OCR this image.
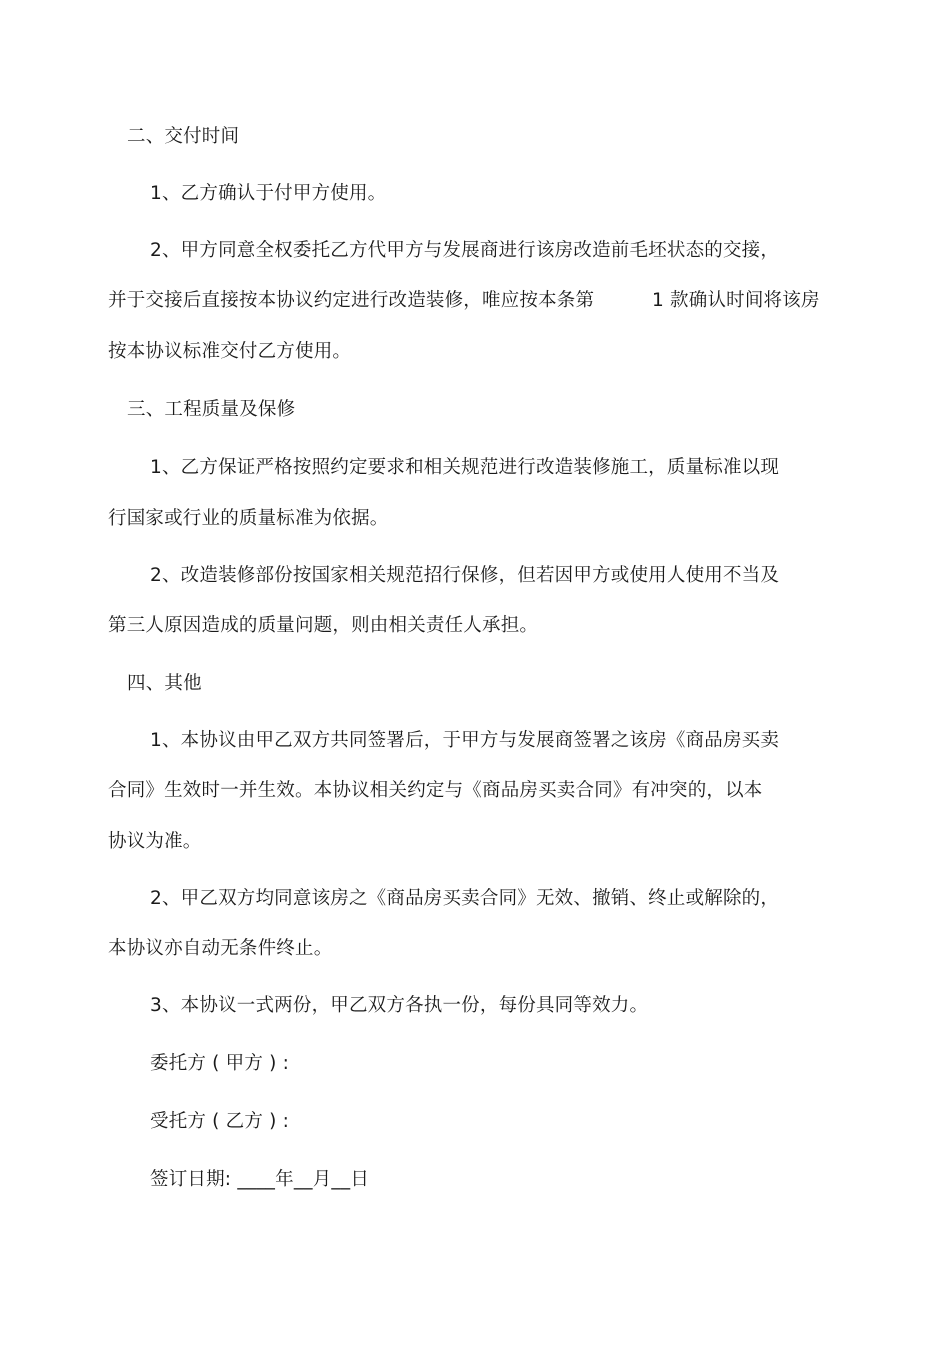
二、交付时间
1、乙方确认于付甲方使用。
2、甲方同意全权委托乙方代甲方与发展商进行该房改造前毛坯状态的交接，
并于交接后直接按本协议约定进行改造装修，唯应按本条第	1 款确认时间将该房
按本协议标准交付乙方使用。
三、工程质量及保修
1、乙方保证严格按照约定要求和相关规范进行改造装修施工，质量标准以现
行国家或行业的质量标准为依据。
2、改造装修部份按国家相关规范招行保修，但若因甲方或使用人使用不当及
第三人原因造成的质量问题，则由相关责任人承担。
四、其他
1、本协议由甲乙双方共同签署后，于甲方与发展商签署之该房《商品房买卖
合同》生效时一并生效。本协议相关约定与《商品房买卖合同》有冲突的，以本
协议为准。
2、甲乙双方均同意该房之《商品房买卖合同》无效、撤销、终止或解除的，
本协议亦自动无条件终止。
3、本协议一式两份，甲乙双方各执一份，每份具同等效力。
委托方 ( 甲方 ) :
受托方 ( 乙方 ) :
签订日期: ____年__月__日
